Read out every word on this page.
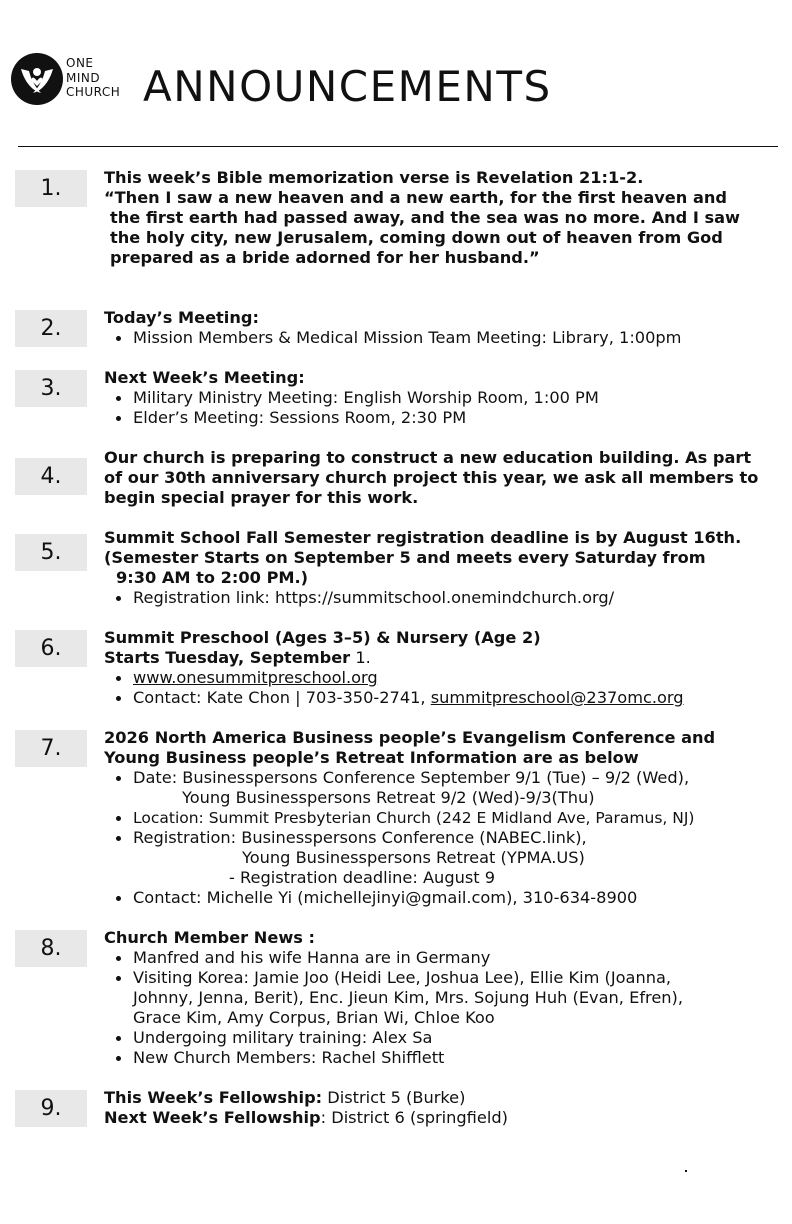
ONE
MIND
CHURCH ANNOUNCEMENTS
1.	This week’s Bible memorization verse is Revelation 21:1-2.
“Then I saw a new heaven and a new earth, for the first heaven and
the first earth had passed away, and the sea was no more. And I saw
the holy city, new Jerusalem, coming down out of heaven from God
prepared as a bride adorned for her husband.”
2.	Today’s Meeting:
Mission Members & Medical Mission Team Meeting: Library, 1:00pm
3.	Next Week’s Meeting:
Military Ministry Meeting: English Worship Room, 1:00 PM
Elder’s Meeting: Sessions Room, 2:30 PM
4.
Our church is preparing to construct a new education building. As part
of our 30th anniversary church project this year, we ask all members to
begin special prayer for this work.
5.
Summit School Fall Semester registration deadline is by August 16th.
(Semester Starts on September 5 and meets every Saturday from
9:30 AM to 2:00 PM.)
Registration link: https://summitschool.onemindchurch.org/
6.	Summit Preschool (Ages 3–5) & Nursery (Age 2)
Starts Tuesday, September 1.
www.onesummitpreschool.org
Contact: Kate Chon | 703-350-2741, summitpreschool@237omc.org
7.	2026 North America Business people’s Evangelism Conference and
Young Business people’s Retreat Information are as below
Date: Businesspersons Conference September 9/1 (Tue) – 9/2 (Wed),
Young Businesspersons Retreat 9/2 (Wed)-9/3(Thu)
Location: Summit Presbyterian Church (242 E Midland Ave, Paramus, NJ)
Registration: Businesspersons Conference (NABEC.link),
Young Businesspersons Retreat (YPMA.US)
- Registration deadline: August 9
Contact: Michelle Yi (michellejinyi@gmail.com), 310-634-8900
8.	Church Member News :
Manfred and his wife Hanna are in Germany
Visiting Korea: Jamie Joo (Heidi Lee, Joshua Lee), Ellie Kim (Joanna,
Johnny, Jenna, Berit), Enc. Jieun Kim, Mrs. Sojung Huh (Evan, Efren),
Grace Kim, Amy Corpus, Brian Wi, Chloe Koo
Undergoing military training: Alex Sa
New Church Members: Rachel Shifflett
9.	This Week’s Fellowship: District 5 (Burke)
Next Week’s Fellowship: District 6 (springfield)
